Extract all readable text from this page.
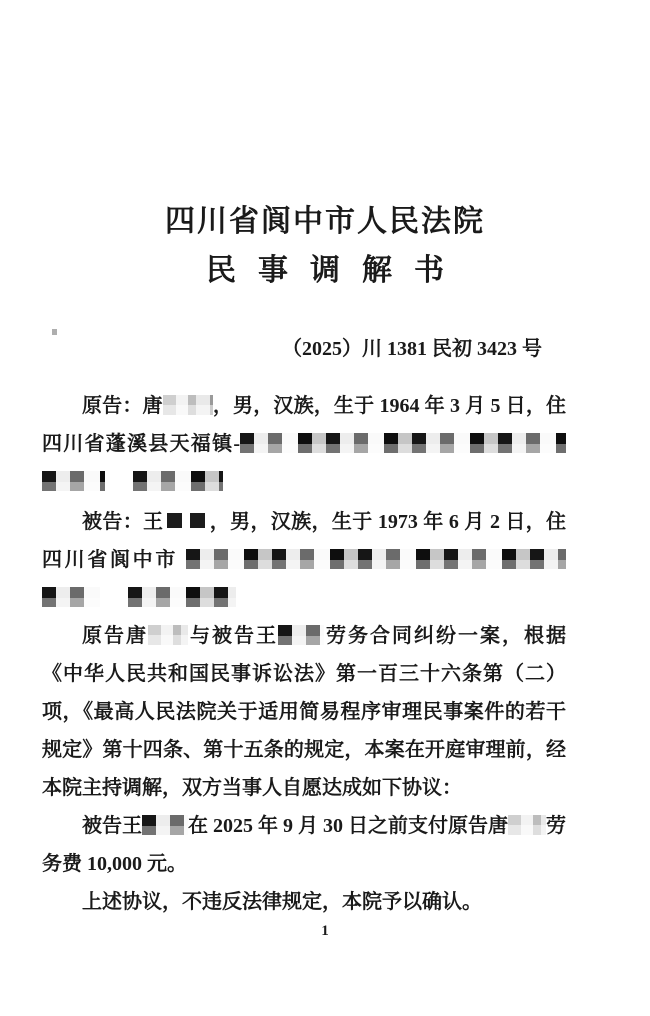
四川省阆中市人民法院
民事调解书

（2025）川 1381 民初 3423 号

原告：唐	，男，汉族，生于 1964 年 3 月 5 日，住四川省蓬溪县天福镇-

被告：王 ，男，汉族，生于 1973 年 6 月 2 日，住四川省阆中市

原告唐 与被告王 劳务合同纠纷一案，根据《中华人民共和国民事诉讼法》第一百三十六条第（二）项，《最高人民法院关于适用简易程序审理民事案件的若干规定》第十四条、第十五条的规定，本案在开庭审理前，经本院主持调解，双方当事人自愿达成如下协议：

被告王 在 2025 年 9 月 30 日之前支付原告唐 劳务费 10,000 元。

上述协议，不违反法律规定，本院予以确认。

1
